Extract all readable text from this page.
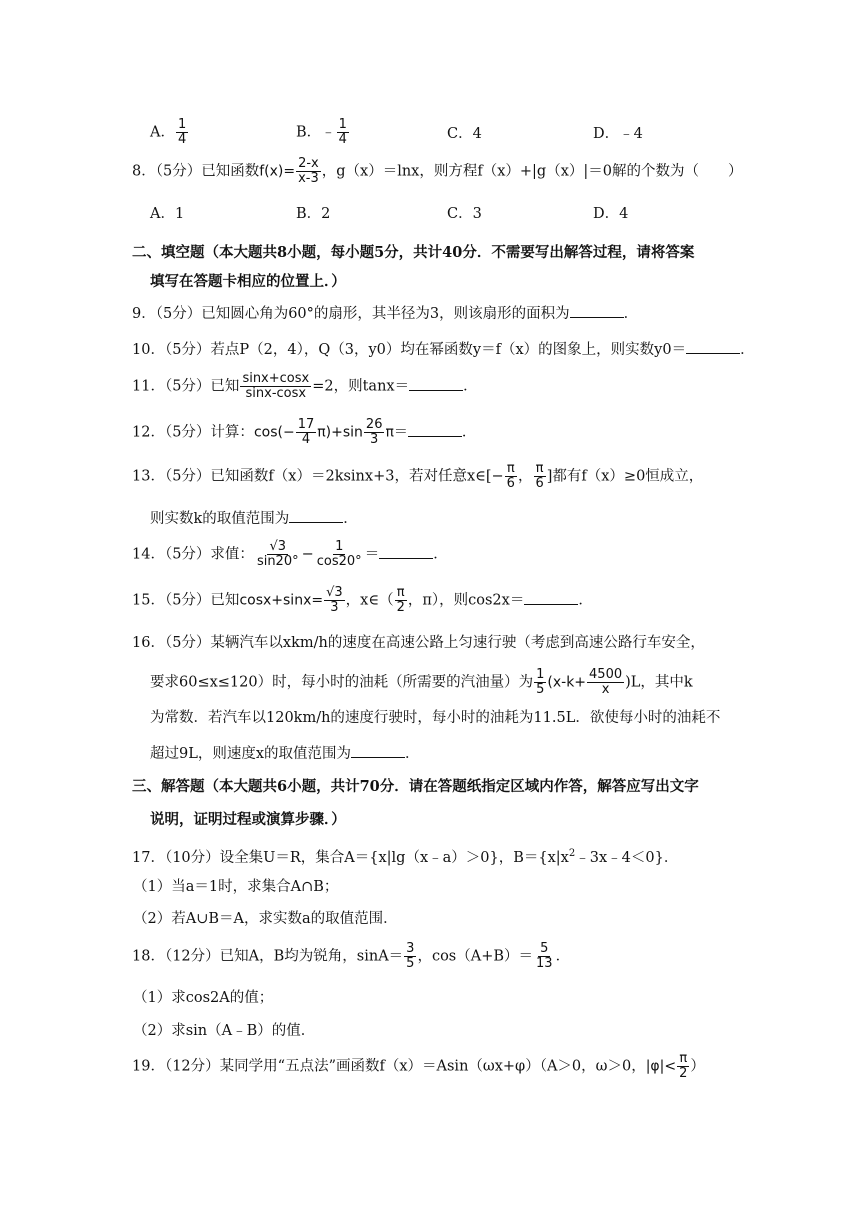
A． $\frac{1}{4}$	B．﹣ $\frac{1}{4}$	C．4	D．﹣4
8．（5分）已知函数$f(x)= \frac{2-x}{x-3}$ ，g（x）＝lnx，则方程f（x）+|g（x）|＝0解的个数为（　　）
A．1	B．2	C．3	D．4
二、填空题（本大题共8小题，每小题5分，共计40分．不需要写出解答过程，请将答案
填写在答题卡相应的位置上．）
9．（5分）已知圆心角为60°的扇形，其半径为3，则该扇形的面积为	．
10．（5分）若点P（2，4），Q（3，y0）均在幂函数y＝f（x）的图象上，则实数y0＝	．
11．（5分）已知 $\frac{\sin x+\cos x}{\sin x-\cos x} =2$，则tanx＝	．
12．（5分）计算：$\cos(- \frac{17}{4} \pi)+\sin \frac{26}{3} \pi=$	．
13．（5分）已知函数f（x）＝2ksinx+3，若对任意x∈[− $\frac{\pi}{6}$ ， $\frac{\pi}{6}$ ]都有f（x）≥0恒成立，
则实数k的取值范围为	．
14．（5分）求值： $\frac{√3}{\sin 20^\circ} - \frac{1}{\cos 20^\circ}$ ＝	．
15．（5分）已知$\cos x+\sin x= \frac{√3}{3}$ ，x∈（ $\frac{\pi}{2}$ ，π），则cos2x＝	．
16．（5分）某辆汽车以xkm/h的速度在高速公路上匀速行驶（考虑到高速公路行车安全，
要求60≤x≤120）时，每小时的油耗（所需要的汽油量）为 $\frac{1}{5} (x-k+ \frac{4500}{x} )L$，其中k
为常数．若汽车以120km/h的速度行驶时，每小时的油耗为11.5L．欲使每小时的油耗不
超过9L，则速度x的取值范围为	．
三、解答题（本大题共6小题，共计70分．请在答题纸指定区域内作答，解答应写出文字
说明，证明过程或演算步骤．）
17．（10分）设全集U＝R，集合A＝{x|lg（x﹣a）＞0}，$B=\{x|x^2﹣3x﹣4<0\}$．
（1）当a＝1时，求集合A∩B；
（2）若A∪B＝A，求实数a的取值范围．
18．（12分）已知A，B均为锐角，$\sin A= \frac{3}{5}$ ，$\cos(A+B)= \frac{5}{13}$ ．
（1）求cos2A的值；
（2）求sin（A﹣B）的值．
19．（12分）某同学用“五点法”画函数f（x）＝Asin（ωx+φ）（A＞0，ω＞0，$|\varphi|< \frac{\pi}{2}$ ）
